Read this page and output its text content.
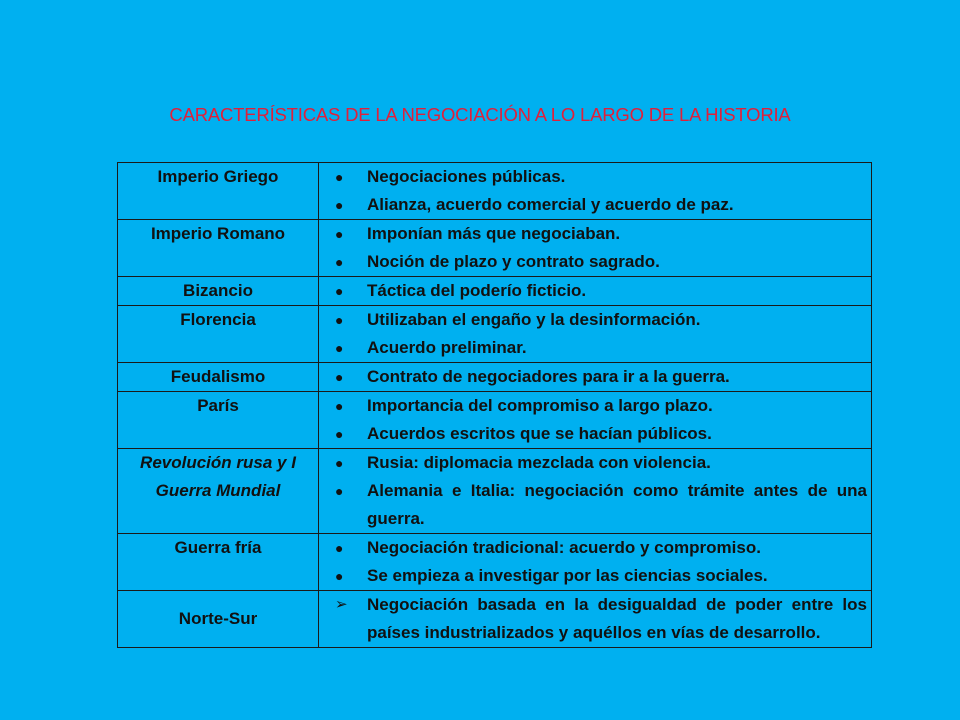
CARACTERÍSTICAS DE LA NEGOCIACIÓN A LO LARGO DE LA HISTORIA
Imperio Griego	● Negociaciones públicas.
● Alianza, acuerdo comercial y acuerdo de paz.

Imperio Romano	● Imponían más que negociaban.
● Noción de plazo y contrato sagrado.

Bizancio	● Táctica del poderío ficticio.

Florencia	● Utilizaban el engaño y la desinformación.
● Acuerdo preliminar.

Feudalismo	● Contrato de negociadores para ir a la guerra.

París	● Importancia del compromiso a largo plazo.
● Acuerdos escritos que se hacían públicos.

Revolución rusa y I Guerra Mundial	● Rusia: diplomacia mezclada con violencia.
● Alemania e Italia: negociación como trámite antes de una guerra.

Guerra fría	● Negociación tradicional: acuerdo y compromiso.
● Se empieza a investigar por las ciencias sociales.

Norte-Sur	➢ Negociación basada en la desigualdad de poder entre los países industrializados y aquéllos en vías de desarrollo.
